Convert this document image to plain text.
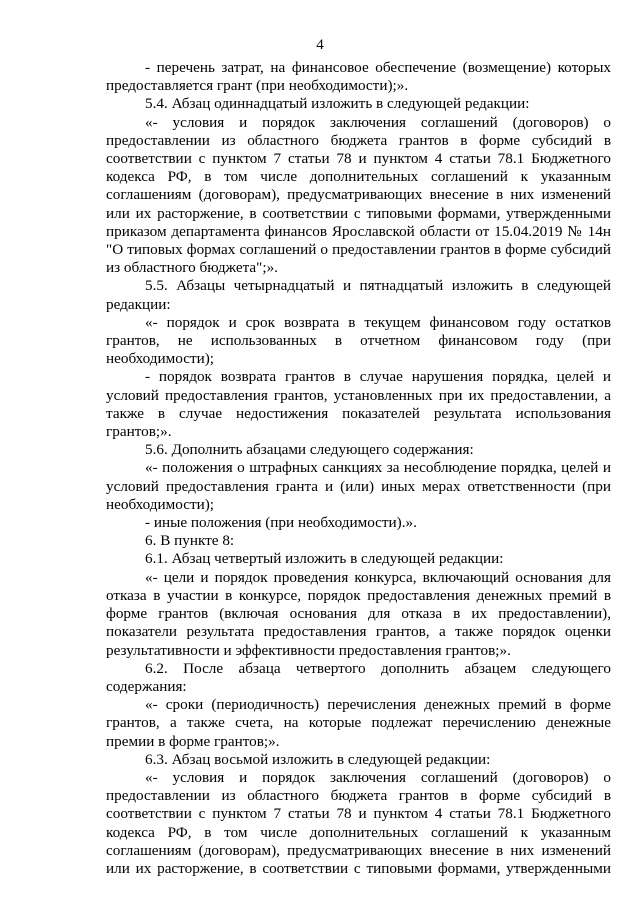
4

- перечень затрат, на финансовое обеспечение (возмещение) которых предоставляется грант (при необходимости);».

5.4. Абзац одиннадцатый изложить в следующей редакции:

«- условия и порядок заключения соглашений (договоров) о предоставлении из областного бюджета грантов в форме субсидий в соответствии с пунктом 7 статьи 78 и пунктом 4 статьи 78.1 Бюджетного кодекса РФ, в том числе дополнительных соглашений к указанным соглашениям (договорам), предусматривающих внесение в них изменений или их расторжение, в соответствии с типовыми формами, утвержденными приказом департамента финансов Ярославской области от 15.04.2019 № 14н "О типовых формах соглашений о предоставлении грантов в форме субсидий из областного бюджета";».

5.5. Абзацы четырнадцатый и пятнадцатый изложить в следующей редакции:

«- порядок и срок возврата в текущем финансовом году остатков грантов, не использованных в отчетном финансовом году (при необходимости);

- порядок возврата грантов в случае нарушения порядка, целей и условий предоставления грантов, установленных при их предоставлении, а также в случае недостижения показателей результата использования грантов;».

5.6. Дополнить абзацами следующего содержания:

«- положения о штрафных санкциях за несоблюдение порядка, целей и условий предоставления гранта и (или) иных мерах ответственности (при необходимости);

- иные положения (при необходимости).».

6. В пункте 8:

6.1. Абзац четвертый изложить в следующей редакции:

«- цели и порядок проведения конкурса, включающий основания для отказа в участии в конкурсе, порядок предоставления денежных премий в форме грантов (включая основания для отказа в их предоставлении), показатели результата предоставления грантов, а также порядок оценки результативности и эффективности предоставления грантов;».

6.2. После абзаца четвертого дополнить абзацем следующего содержания:

«- сроки (периодичность) перечисления денежных премий в форме грантов, а также счета, на которые подлежат перечислению денежные премии в форме грантов;».

6.3. Абзац восьмой изложить в следующей редакции:

«- условия и порядок заключения соглашений (договоров) о предоставлении из областного бюджета грантов в форме субсидий в соответствии с пунктом 7 статьи 78 и пунктом 4 статьи 78.1 Бюджетного кодекса РФ, в том числе дополнительных соглашений к указанным соглашениям (договорам), предусматривающих внесение в них изменений или их расторжение, в соответствии с типовыми формами, утвержденными
